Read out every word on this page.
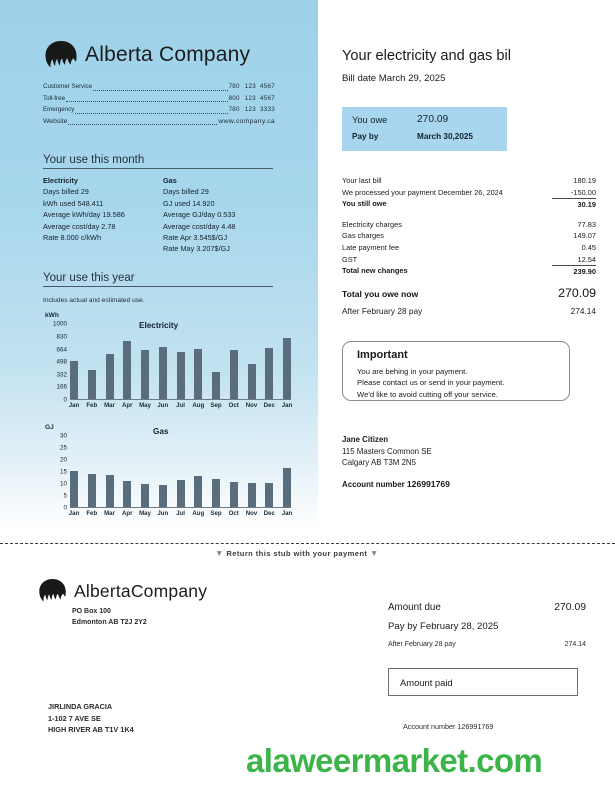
Alberta Company
Customer Service	780 123 4567
Toll-free	800 123 4567
Emergency	780 123 3333
Website	www.company.ca
Your use this month
Electricity
Days billed 29
kWh used 548.411
Average kWh/day 19.586
Average cost/day 2.78
Rate 8.000 c/kWh
Gas
Days billed 29
GJ used 14.920
Average GJ/day 0.533
Average cost/day 4.48
Rate Apr 3.545$/GJ
Rate May 3.207$/GJ
Your use this year
Includes actual and estimated use.
kWh
Electricity
0
166
332
498
664
830
1000
Jan Feb Mar Apr May Jun Jul Aug Sep Oct Nov Dec Jan
GJ	Gas
0
5
10
15
20
25
30
Jan Feb Mar Apr May Jun Jul Aug Sep Oct Nov Dec Jan
Your electricity and gas bil
Bill date March 29, 2025
You owe	270.09
Pay by	March 30,2025
Your last bill	180.19
We processed your payment December 26, 2024	-150.00
You still owe	30.19
Electricity charges	77.83
Gas charges	149.07
Late payment fee	0.45
GST	12.54
Total new changes	239.90
Total you owe now	270.09
After February 28 pay	274.14
Important
You are behing in your payment.
Please contact us or send in your payment.
We'd like to avoid cutting off your service.
Jane Citizen
115 Masters Common SE
Calgary AB T3M 2N5
Account number 126991769
▼ Return this stub with your payment ▼
AlbertaCompany
PO Box 100
Edmonton AB T2J 2Y2
JIRLINDA GRACIA
1-102 7 AVE SE
HIGH RIVER AB T1V 1K4
Amount due	270.09
Pay by February 28, 2025
After February 28 pay	274.14
Amount paid
Account number 126991769
alaweermarket.com
